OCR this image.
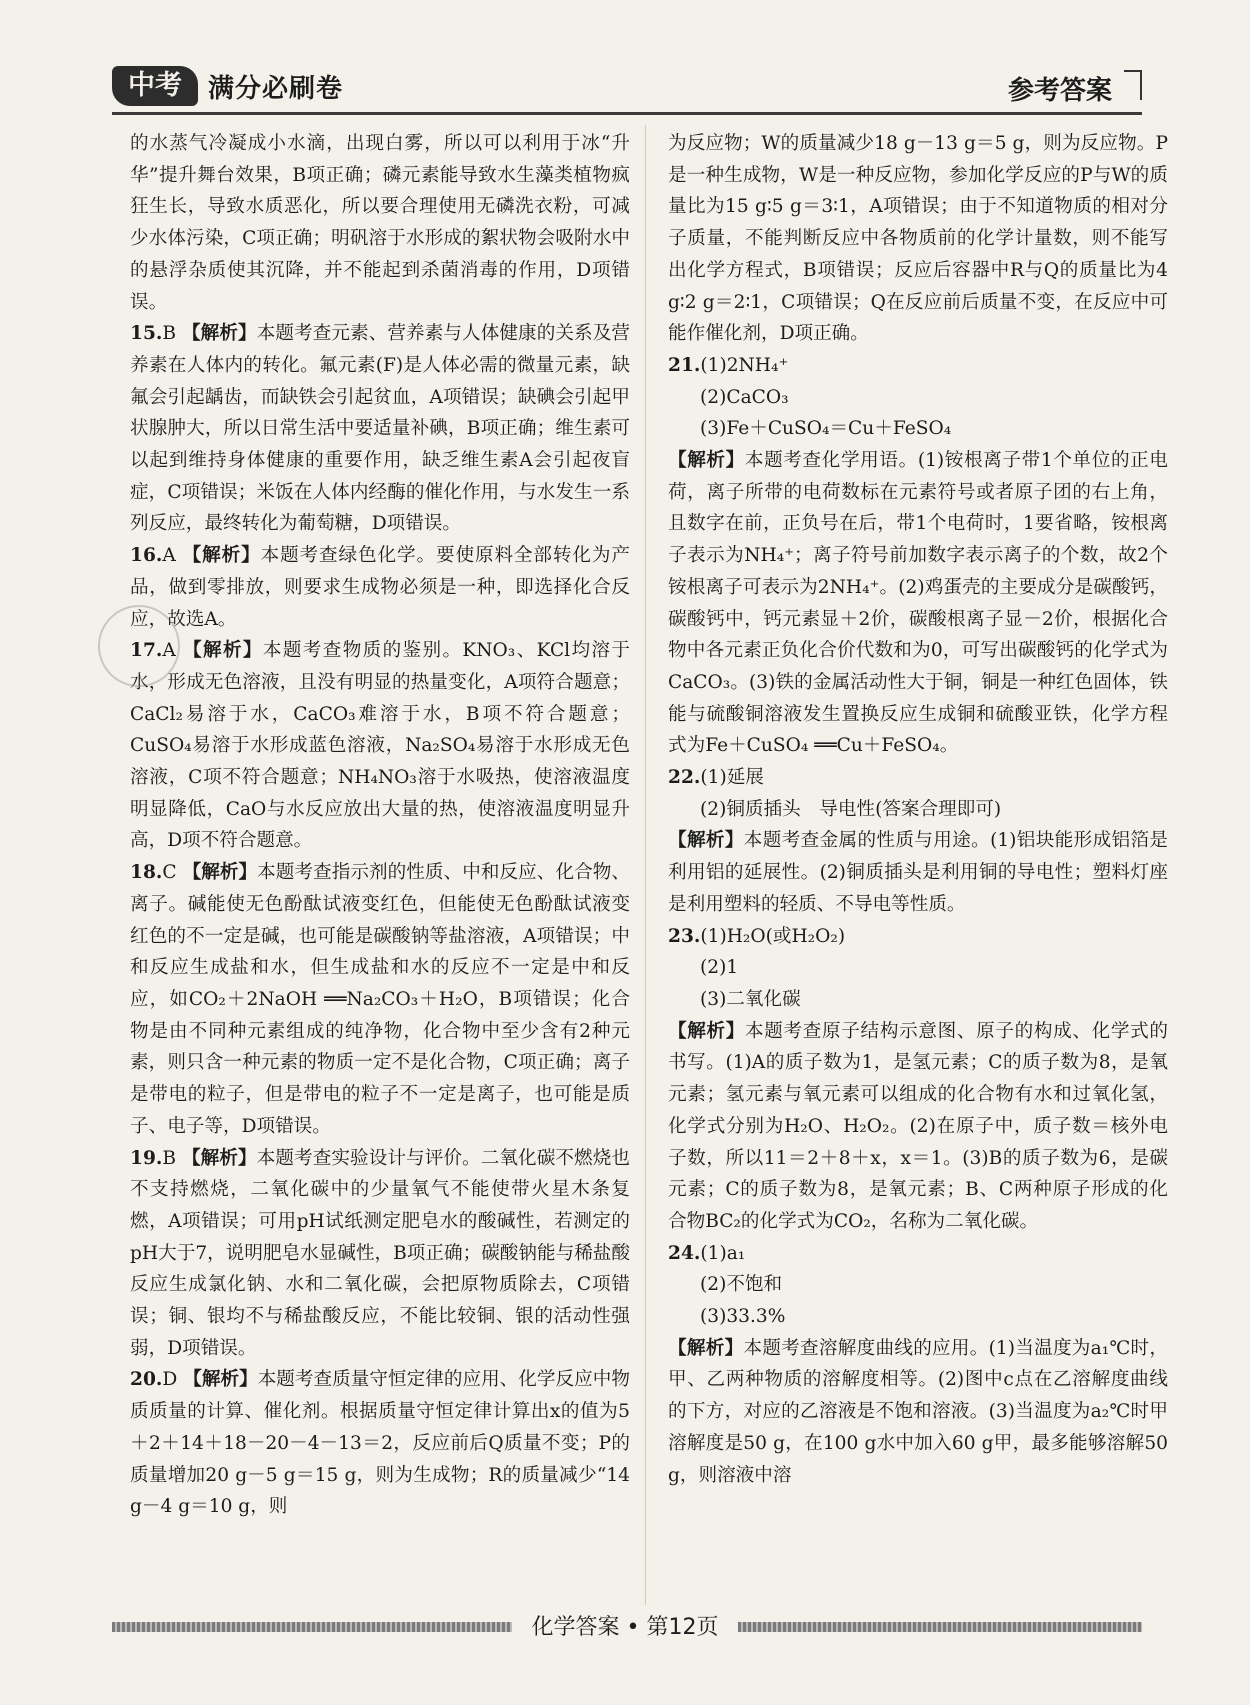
中考	满分必刷卷	参考答案

的水蒸气冷凝成小水滴，出现白雾，所以可以利用于冰“升华”提升舞台效果，B项正确；磷元素能导致水生藻类植物疯狂生长，导致水质恶化，所以要合理使用无磷洗衣粉，可减少水体污染，C项正确；明矾溶于水形成的絮状物会吸附水中的悬浮杂质使其沉降，并不能起到杀菌消毒的作用，D项错误。

15.B 【解析】本题考查元素、营养素与人体健康的关系及营养素在人体内的转化。氟元素(F)是人体必需的微量元素，缺氟会引起龋齿，而缺铁会引起贫血，A项错误；缺碘会引起甲状腺肿大，所以日常生活中要适量补碘，B项正确；维生素可以起到维持身体健康的重要作用，缺乏维生素A会引起夜盲症，C项错误；米饭在人体内经酶的催化作用，与水发生一系列反应，最终转化为葡萄糖，D项错误。

16.A 【解析】本题考查绿色化学。要使原料全部转化为产品，做到零排放，则要求生成物必须是一种，即选择化合反应，故选A。

17.A 【解析】本题考查物质的鉴别。KNO₃、KCl均溶于水，形成无色溶液，且没有明显的热量变化，A项符合题意；CaCl₂易溶于水，CaCO₃难溶于水，B项不符合题意；CuSO₄易溶于水形成蓝色溶液，Na₂SO₄易溶于水形成无色溶液，C项不符合题意；NH₄NO₃溶于水吸热，使溶液温度明显降低，CaO与水反应放出大量的热，使溶液温度明显升高，D项不符合题意。

18.C 【解析】本题考查指示剂的性质、中和反应、化合物、离子。碱能使无色酚酞试液变红色，但能使无色酚酞试液变红色的不一定是碱，也可能是碳酸钠等盐溶液，A项错误；中和反应生成盐和水，但生成盐和水的反应不一定是中和反应，如CO₂＋2NaOH ══Na₂CO₃＋H₂O，B项错误；化合物是由不同种元素组成的纯净物，化合物中至少含有2种元素，则只含一种元素的物质一定不是化合物，C项正确；离子是带电的粒子，但是带电的粒子不一定是离子，也可能是质子、电子等，D项错误。

19.B 【解析】本题考查实验设计与评价。二氧化碳不燃烧也不支持燃烧，二氧化碳中的少量氧气不能使带火星木条复燃，A项错误；可用pH试纸测定肥皂水的酸碱性，若测定的pH大于7，说明肥皂水显碱性，B项正确；碳酸钠能与稀盐酸反应生成氯化钠、水和二氧化碳，会把原物质除去，C项错误；铜、银均不与稀盐酸反应，不能比较铜、银的活动性强弱，D项错误。

20.D 【解析】本题考查质量守恒定律的应用、化学反应中物质质量的计算、催化剂。根据质量守恒定律计算出x的值为5＋2＋14＋18－20－4－13＝2，反应前后Q质量不变；P的质量增加20 g－5 g＝15 g，则为生成物；R的质量减少“14 g－4 g＝10 g，则

为反应物；W的质量减少18 g－13 g＝5 g，则为反应物。P是一种生成物，W是一种反应物，参加化学反应的P与W的质量比为15 g∶5 g＝3∶1，A项错误；由于不知道物质的相对分子质量，不能判断反应中各物质前的化学计量数，则不能写出化学方程式，B项错误；反应后容器中R与Q的质量比为4 g∶2 g＝2∶1，C项错误；Q在反应前后质量不变，在反应中可能作催化剂，D项正确。

21.(1)2NH₄⁺

(2)CaCO₃

(3)Fe＋CuSO₄＝Cu＋FeSO₄

【解析】本题考查化学用语。(1)铵根离子带1个单位的正电荷，离子所带的电荷数标在元素符号或者原子团的右上角，且数字在前，正负号在后，带1个电荷时，1要省略，铵根离子表示为NH₄⁺；离子符号前加数字表示离子的个数，故2个铵根离子可表示为2NH₄⁺。(2)鸡蛋壳的主要成分是碳酸钙，碳酸钙中，钙元素显＋2价，碳酸根离子显－2价，根据化合物中各元素正负化合价代数和为0，可写出碳酸钙的化学式为CaCO₃。(3)铁的金属活动性大于铜，铜是一种红色固体，铁能与硫酸铜溶液发生置换反应生成铜和硫酸亚铁，化学方程式为Fe＋CuSO₄ ══Cu＋FeSO₄。

22.(1)延展

(2)铜质插头　导电性(答案合理即可)

【解析】本题考查金属的性质与用途。(1)铝块能形成铝箔是利用铝的延展性。(2)铜质插头是利用铜的导电性；塑料灯座是利用塑料的轻质、不导电等性质。

23.(1)H₂O(或H₂O₂)

(2)1

(3)二氧化碳

【解析】本题考查原子结构示意图、原子的构成、化学式的书写。(1)A的质子数为1，是氢元素；C的质子数为8，是氧元素；氢元素与氧元素可以组成的化合物有水和过氧化氢，化学式分别为H₂O、H₂O₂。(2)在原子中，质子数＝核外电子数，所以11＝2＋8＋x，x＝1。(3)B的质子数为6，是碳元素；C的质子数为8，是氧元素；B、C两种原子形成的化合物BC₂的化学式为CO₂，名称为二氧化碳。

24.(1)a₁

(2)不饱和

(3)33.3%

【解析】本题考查溶解度曲线的应用。(1)当温度为a₁℃时，甲、乙两种物质的溶解度相等。(2)图中c点在乙溶解度曲线的下方，对应的乙溶液是不饱和溶液。(3)当温度为a₂℃时甲溶解度是50 g，在100 g水中加入60 g甲，最多能够溶解50 g，则溶液中溶

化学答案 • 第12页
